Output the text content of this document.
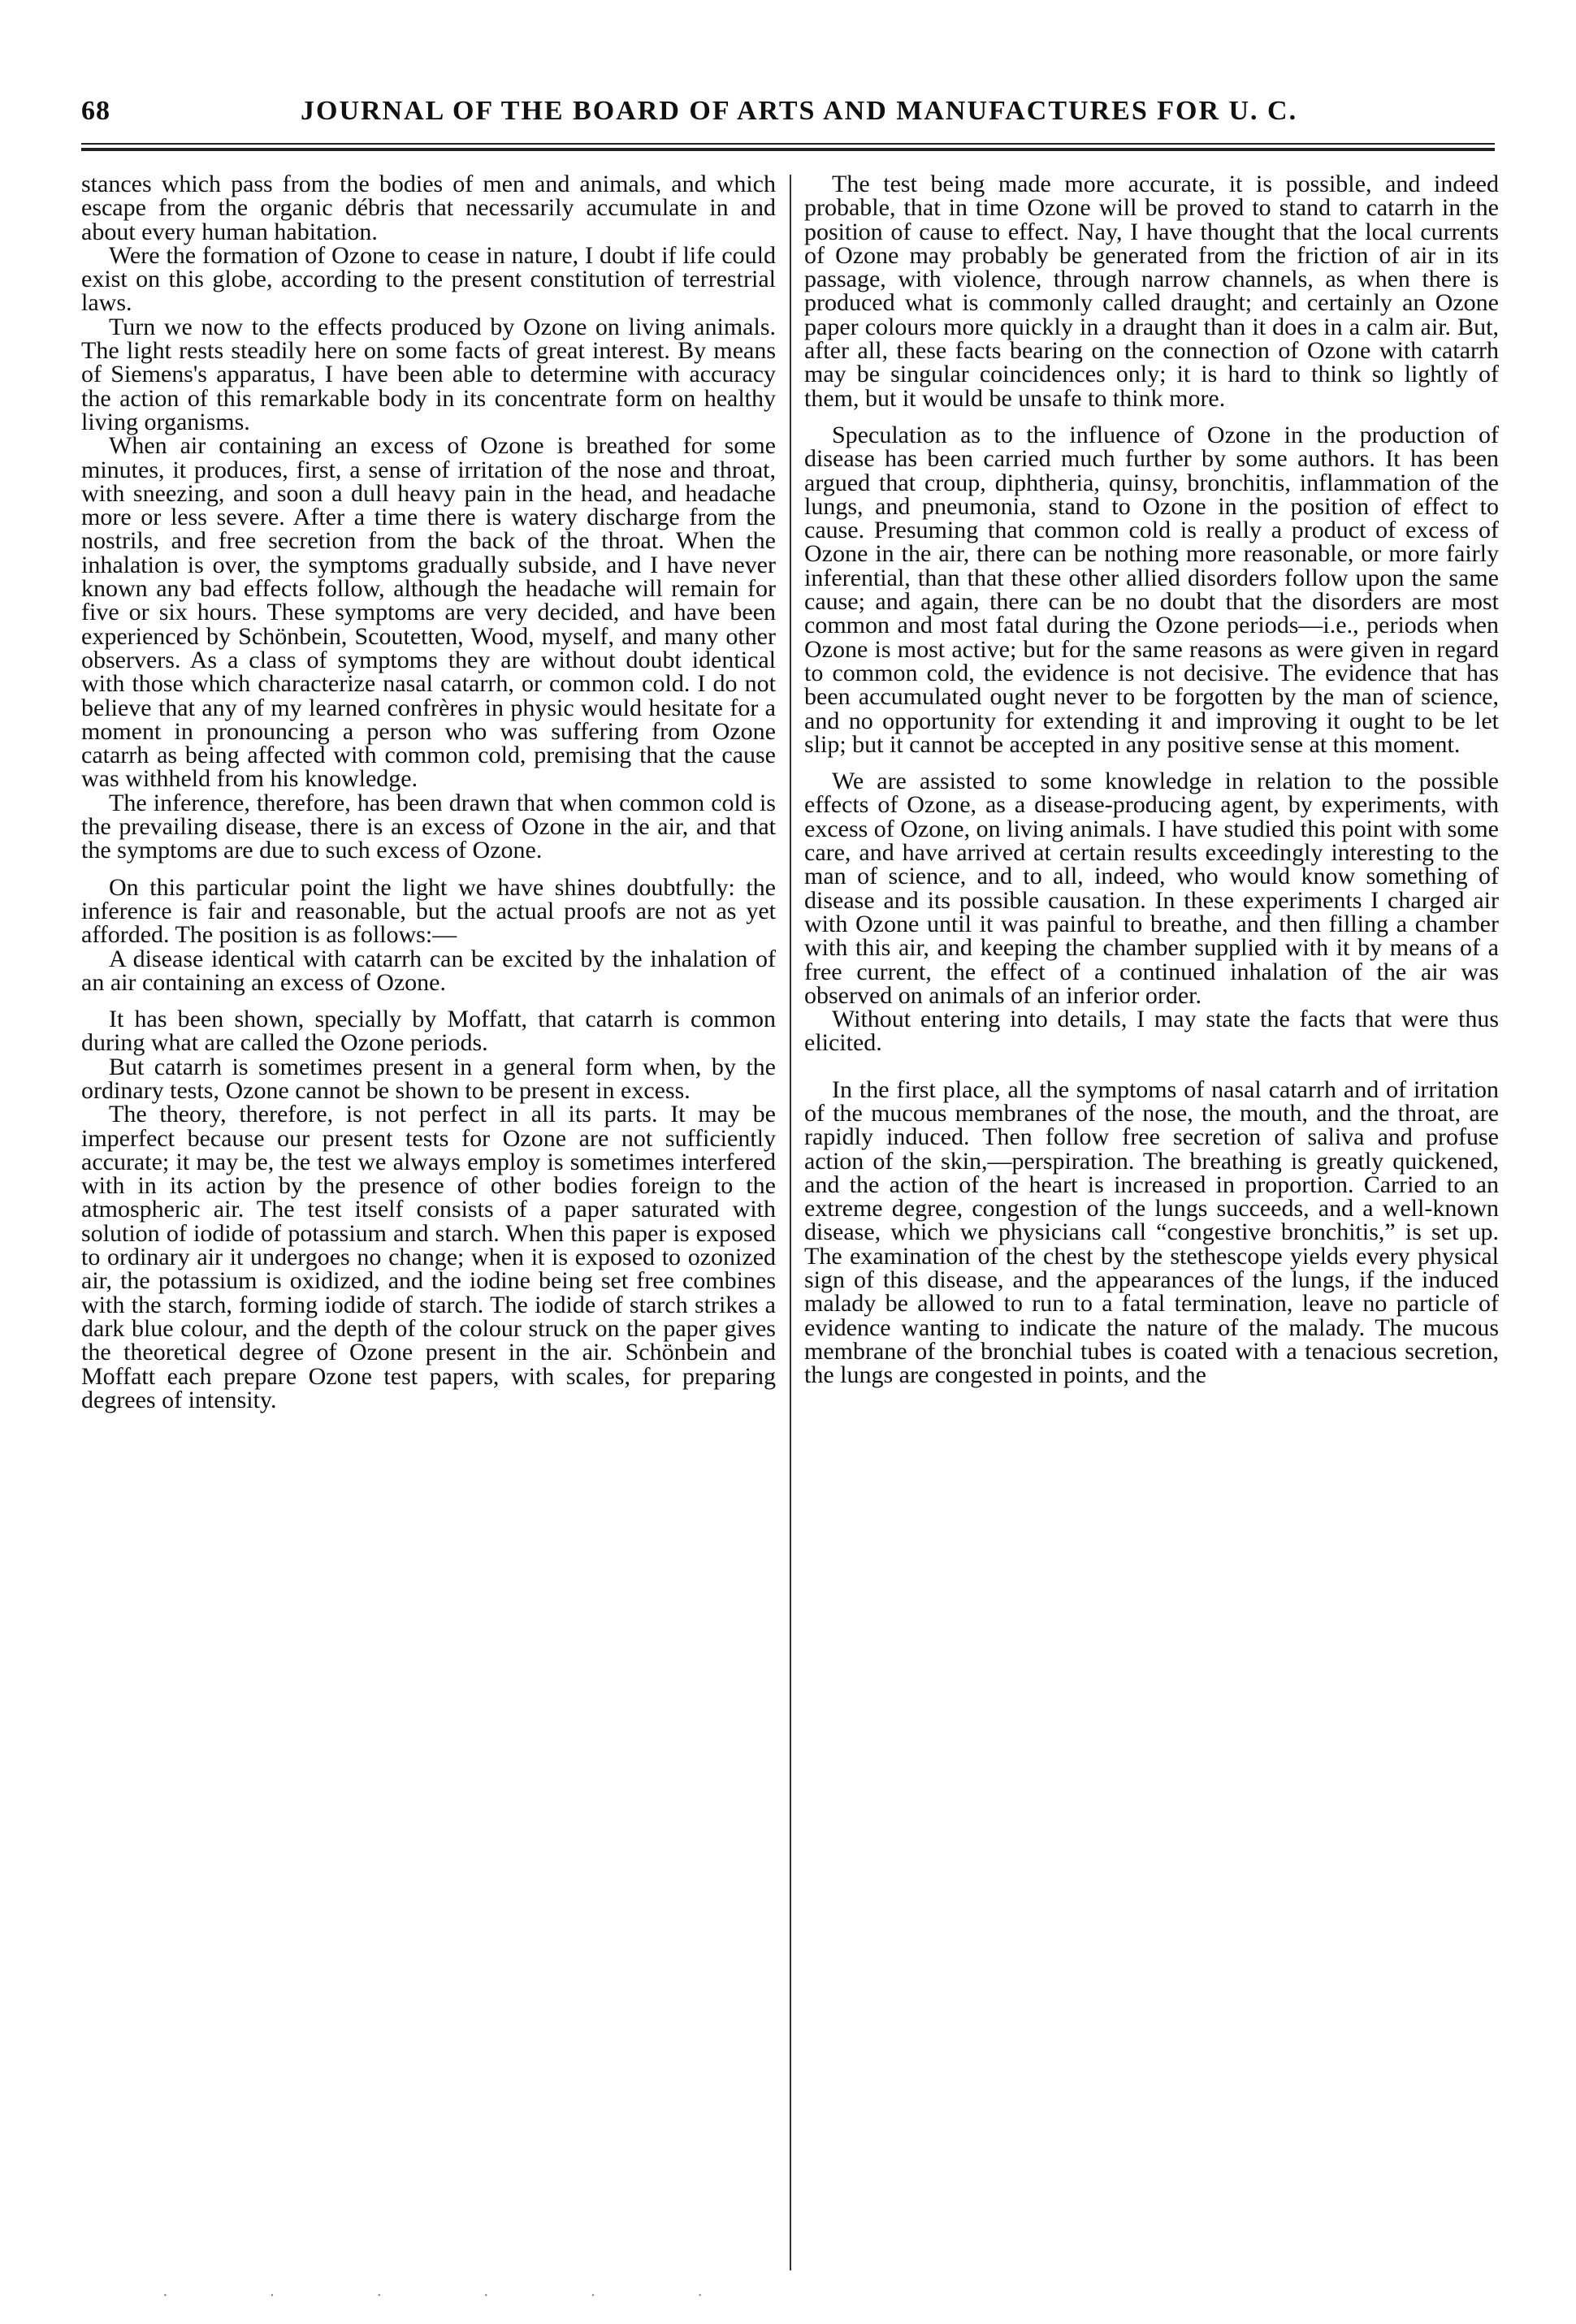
68	JOURNAL OF THE BOARD OF ARTS AND MANUFACTURES FOR U. C.

stances which pass from the bodies of men and animals, and which escape from the organic débris that necessarily accumulate in and about every human habitation.

Were the formation of Ozone to cease in nature, I doubt if life could exist on this globe, according to the present constitution of terrestrial laws.

Turn we now to the effects produced by Ozone on living animals. The light rests steadily here on some facts of great interest. By means of Siemens's apparatus, I have been able to determine with accuracy the action of this remarkable body in its concentrate form on healthy living organisms.

When air containing an excess of Ozone is breathed for some minutes, it produces, first, a sense of irritation of the nose and throat, with sneezing, and soon a dull heavy pain in the head, and headache more or less severe. After a time there is watery discharge from the nostrils, and free secretion from the back of the throat. When the inhalation is over, the symptoms gradually subside, and I have never known any bad effects follow, although the headache will remain for five or six hours. These symptoms are very decided, and have been experienced by Schönbein, Scoutetten, Wood, myself, and many other observers. As a class of symptoms they are without doubt identical with those which characterize nasal catarrh, or common cold. I do not believe that any of my learned confrères in physic would hesitate for a moment in pronouncing a person who was suffering from Ozone catarrh as being affected with common cold, premising that the cause was withheld from his knowledge.

The inference, therefore, has been drawn that when common cold is the prevailing disease, there is an excess of Ozone in the air, and that the symptoms are due to such excess of Ozone.

On this particular point the light we have shines doubtfully: the inference is fair and reasonable, but the actual proofs are not as yet afforded. The position is as follows:—

A disease identical with catarrh can be excited by the inhalation of an air containing an excess of Ozone.

It has been shown, specially by Moffatt, that catarrh is common during what are called the Ozone periods.

But catarrh is sometimes present in a general form when, by the ordinary tests, Ozone cannot be shown to be present in excess.

The theory, therefore, is not perfect in all its parts. It may be imperfect because our present tests for Ozone are not sufficiently accurate; it may be, the test we always employ is sometimes interfered with in its action by the presence of other bodies foreign to the atmospheric air. The test itself consists of a paper saturated with solution of iodide of potassium and starch. When this paper is exposed to ordinary air it undergoes no change; when it is exposed to ozonized air, the potassium is oxidized, and the iodine being set free combines with the starch, forming iodide of starch. The iodide of starch strikes a dark blue colour, and the depth of the colour struck on the paper gives the theoretical degree of Ozone present in the air. Schönbein and Moffatt each prepare Ozone test papers, with scales, for preparing degrees of intensity.

The test being made more accurate, it is possible, and indeed probable, that in time Ozone will be proved to stand to catarrh in the position of cause to effect. Nay, I have thought that the local currents of Ozone may probably be generated from the friction of air in its passage, with violence, through narrow channels, as when there is produced what is commonly called draught; and certainly an Ozone paper colours more quickly in a draught than it does in a calm air. But, after all, these facts bearing on the connection of Ozone with catarrh may be singular coincidences only; it is hard to think so lightly of them, but it would be unsafe to think more.

Speculation as to the influence of Ozone in the production of disease has been carried much further by some authors. It has been argued that croup, diphtheria, quinsy, bronchitis, inflammation of the lungs, and pneumonia, stand to Ozone in the position of effect to cause. Presuming that common cold is really a product of excess of Ozone in the air, there can be nothing more reasonable, or more fairly inferential, than that these other allied disorders follow upon the same cause; and again, there can be no doubt that the disorders are most common and most fatal during the Ozone periods—i.e., periods when Ozone is most active; but for the same reasons as were given in regard to common cold, the evidence is not decisive. The evidence that has been accumulated ought never to be forgotten by the man of science, and no opportunity for extending it and improving it ought to be let slip; but it cannot be accepted in any positive sense at this moment.

We are assisted to some knowledge in relation to the possible effects of Ozone, as a disease-producing agent, by experiments, with excess of Ozone, on living animals. I have studied this point with some care, and have arrived at certain results exceedingly interesting to the man of science, and to all, indeed, who would know something of disease and its possible causation. In these experiments I charged air with Ozone until it was painful to breathe, and then filling a chamber with this air, and keeping the chamber supplied with it by means of a free current, the effect of a continued inhalation of the air was observed on animals of an inferior order.

Without entering into details, I may state the facts that were thus elicited.

In the first place, all the symptoms of nasal catarrh and of irritation of the mucous membranes of the nose, the mouth, and the throat, are rapidly induced. Then follow free secretion of saliva and profuse action of the skin,—perspiration. The breathing is greatly quickened, and the action of the heart is increased in proportion. Carried to an extreme degree, congestion of the lungs succeeds, and a well-known disease, which we physicians call “congestive bronchitis,” is set up. The examination of the chest by the stethescope yields every physical sign of this disease, and the appearances of the lungs, if the induced malady be allowed to run to a fatal termination, leave no particle of evidence wanting to indicate the nature of the malady. The mucous membrane of the bronchial tubes is coated with a tenacious secretion, the lungs are congested in points, and the

· · · · · ·
